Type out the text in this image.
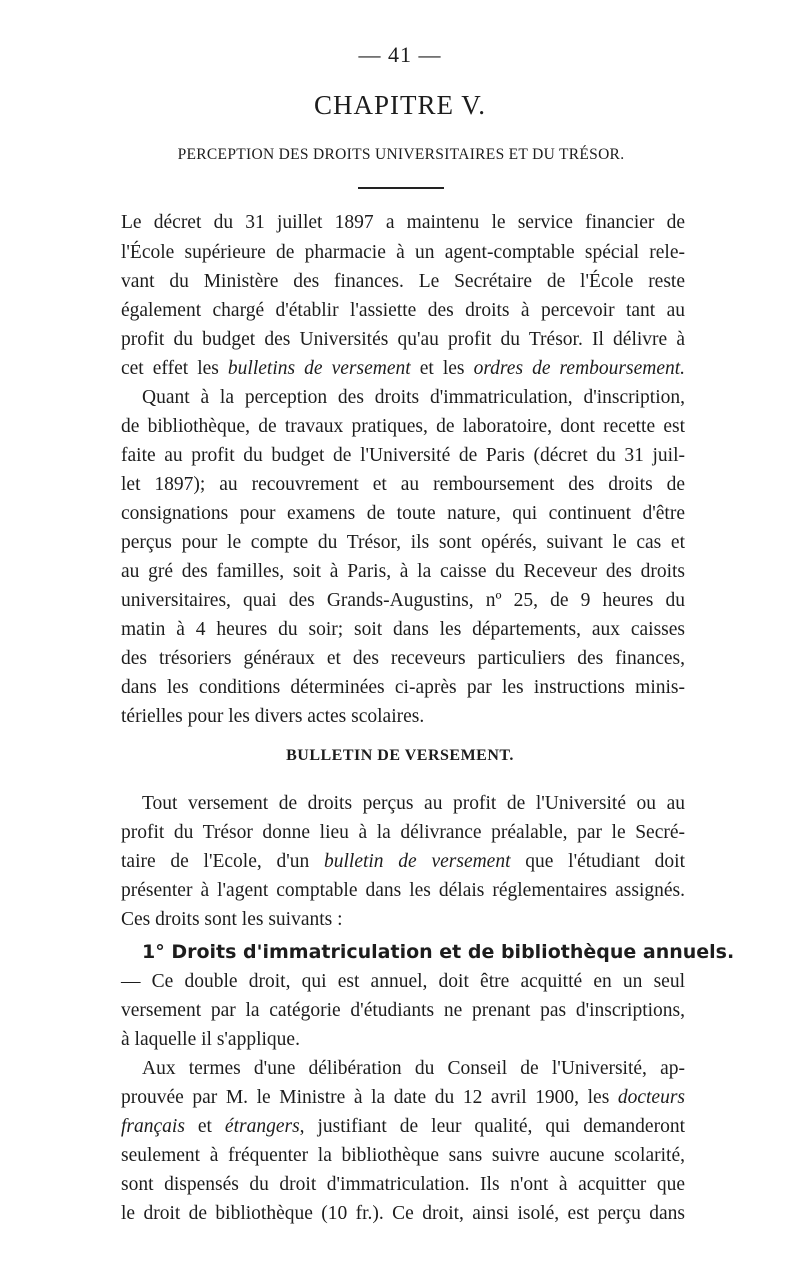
— 41 —
CHAPITRE V.
PERCEPTION DES DROITS UNIVERSITAIRES ET DU TRÉSOR.
Le décret du 31 juillet 1897 a maintenu le service financier de
l'École supérieure de pharmacie à un agent-comptable spécial rele-
vant du Ministère des finances. Le Secrétaire de l'École reste
également chargé d'établir l'assiette des droits à percevoir tant au
profit du budget des Universités qu'au profit du Trésor. Il délivre à
cet effet les bulletins de versement et les ordres de remboursement.
Quant à la perception des droits d'immatriculation, d'inscription,
de bibliothèque, de travaux pratiques, de laboratoire, dont recette est
faite au profit du budget de l'Université de Paris (décret du 31 juil-
let 1897); au recouvrement et au remboursement des droits de
consignations pour examens de toute nature, qui continuent d'être
perçus pour le compte du Trésor, ils sont opérés, suivant le cas et
au gré des familles, soit à Paris, à la caisse du Receveur des droits
universitaires, quai des Grands-Augustins, nº 25, de 9 heures du
matin à 4 heures du soir; soit dans les départements, aux caisses
des trésoriers généraux et des receveurs particuliers des finances,
dans les conditions déterminées ci-après par les instructions minis-
térielles pour les divers actes scolaires.
BULLETIN DE VERSEMENT.
Tout versement de droits perçus au profit de l'Université ou au
profit du Trésor donne lieu à la délivrance préalable, par le Secré-
taire de l'Ecole, d'un bulletin de versement que l'étudiant doit
présenter à l'agent comptable dans les délais réglementaires assignés.
Ces droits sont les suivants :
1° Droits d'immatriculation et de bibliothèque annuels.
— Ce double droit, qui est annuel, doit être acquitté en un seul
versement par la catégorie d'étudiants ne prenant pas d'inscriptions,
à laquelle il s'applique.
Aux termes d'une délibération du Conseil de l'Université, ap-
prouvée par M. le Ministre à la date du 12 avril 1900, les docteurs
français et étrangers, justifiant de leur qualité, qui demanderont
seulement à fréquenter la bibliothèque sans suivre aucune scolarité,
sont dispensés du droit d'immatriculation. Ils n'ont à acquitter que
le droit de bibliothèque (10 fr.). Ce droit, ainsi isolé, est perçu dans
